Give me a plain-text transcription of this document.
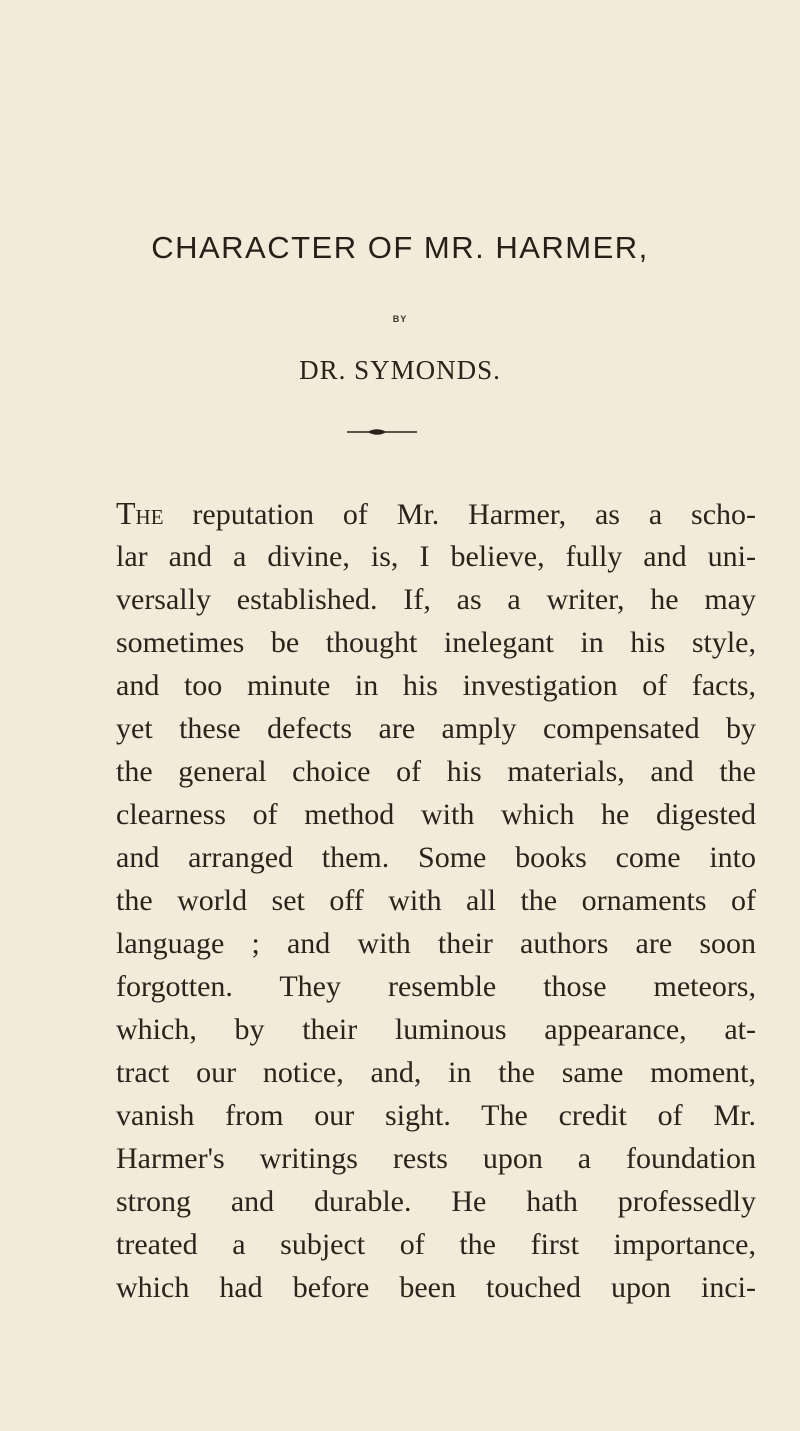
CHARACTER OF MR. HARMER,
BY
DR. SYMONDS.
The reputation of Mr. Harmer, as a scho-
lar and a divine, is, I believe, fully and uni-
versally established. If, as a writer, he may
sometimes be thought inelegant in his style,
and too minute in his investigation of facts,
yet these defects are amply compensated by
the general choice of his materials, and the
clearness of method with which he digested
and arranged them. Some books come into
the world set off with all the ornaments of
language ; and with their authors are soon
forgotten. They resemble those meteors,
which, by their luminous appearance, at-
tract our notice, and, in the same moment,
vanish from our sight. The credit of Mr.
Harmer's writings rests upon a foundation
strong and durable. He hath professedly
treated a subject of the first importance,
which had before been touched upon inci-
